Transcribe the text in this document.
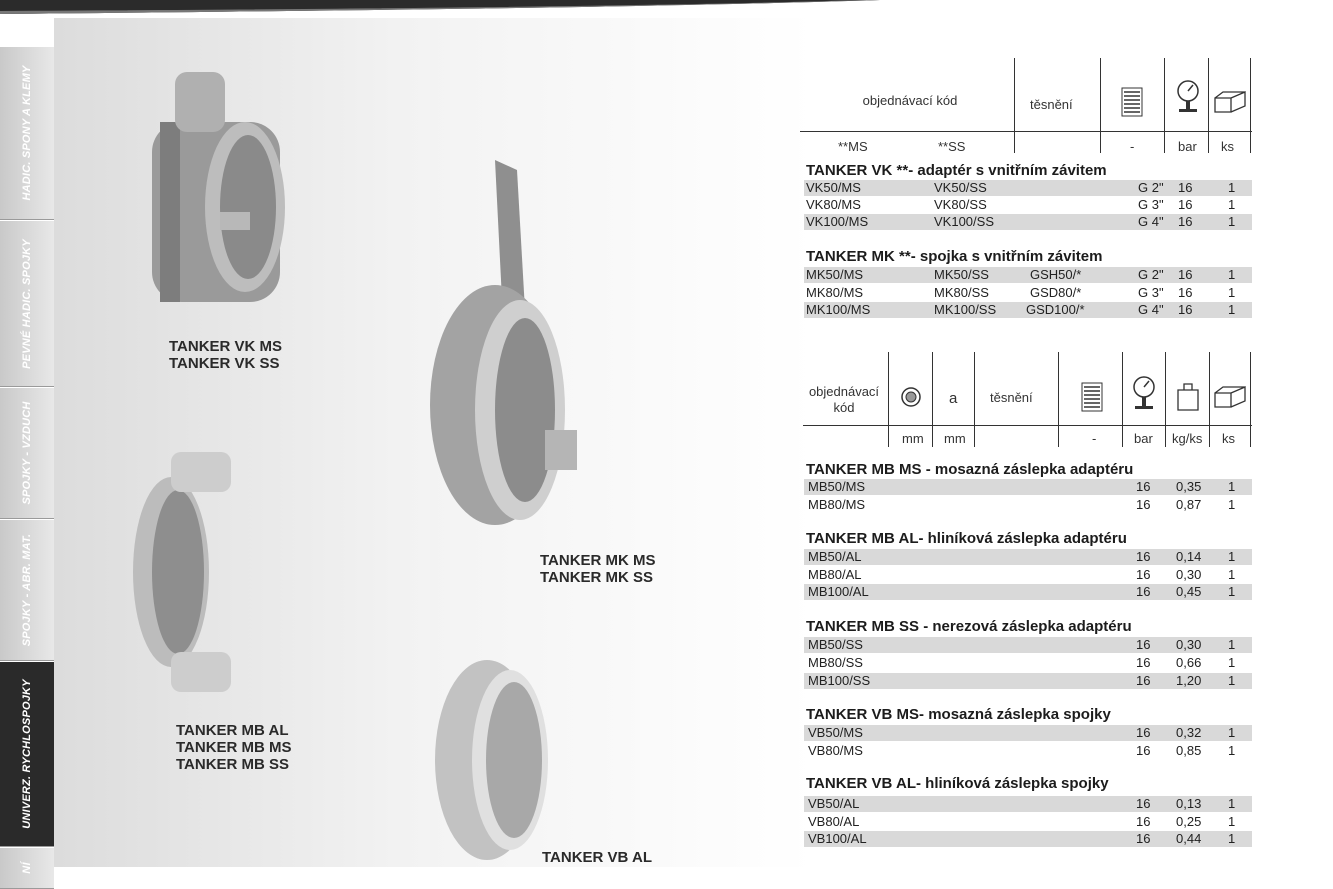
HADIC. SPONY A KLEMY
PEVNÉ HADIC. SPOJKY
SPOJKY - VZDUCH
SPOJKY - ABR. MAT.
UNIVERZ. RYCHLOSPOJKY
NÍ
TANKER VK MS
TANKER VK SS
TANKER MK MS
TANKER MK SS
TANKER MB AL
TANKER MB MS
TANKER MB SS
TANKER VB AL
objednávací kód	těsnění
**MS	**SS	-	bar ks
TANKER VK **- adaptér s vnitřním závitem
VK50/MS	VK50/SS	G 2" 16	1
VK80/MS	VK80/SS	G 3" 16	1
VK100/MS	VK100/SS	G 4" 16	1
TANKER MK **- spojka s vnitřním závitem
MK50/MS	MK50/SS	GSH50/*	G 2" 16	1
MK80/MS	MK80/SS	GSD80/*	G 3" 16	1
MK100/MS	MK100/SS GSD100/*	G 4" 16	1
objednávací kód
a	těsnění
mm mm	-	bar kg/ks ks
TANKER MB MS - mosazná záslepka adaptéru
MB50/MS	16 0,35 1
MB80/MS	16 0,87 1
TANKER MB AL- hliníková záslepka adaptéru
MB50/AL	16 0,14 1
MB80/AL	16 0,30 1
MB100/AL	16 0,45 1
TANKER MB SS - nerezová záslepka adaptéru
MB50/SS	16 0,30 1
MB80/SS	16 0,66 1
MB100/SS	16 1,20 1
TANKER VB MS- mosazná záslepka spojky
VB50/MS	16 0,32 1
VB80/MS	16 0,85 1
TANKER VB AL- hliníková záslepka spojky
VB50/AL	16 0,13 1
VB80/AL	16 0,25 1
VB100/AL	16 0,44 1
